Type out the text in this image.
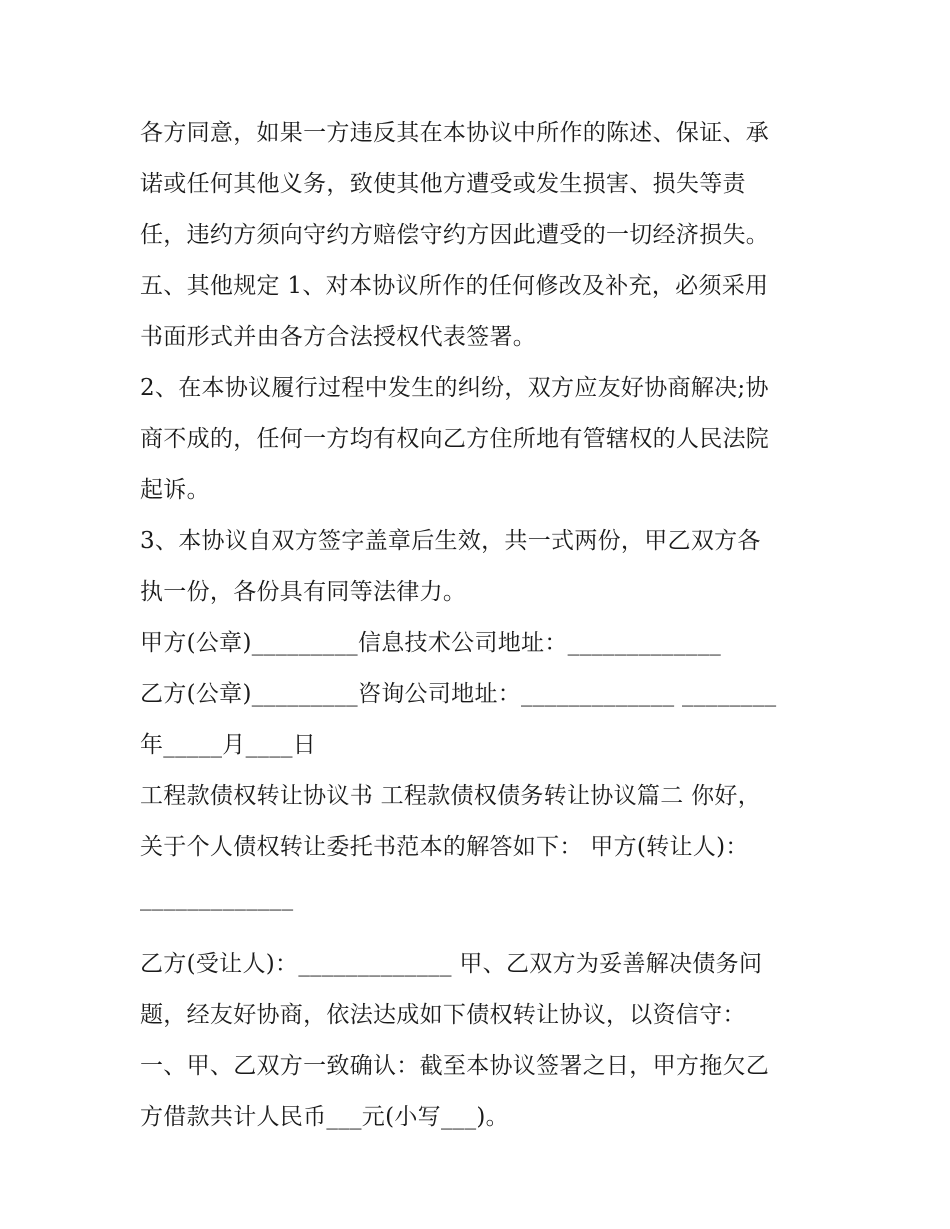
各方同意，如果一方违反其在本协议中所作的陈述、保证、承
诺或任何其他义务，致使其他方遭受或发生损害、损失等责
任，违约方须向守约方赔偿守约方因此遭受的一切经济损失。
五、其他规定 1、对本协议所作的任何修改及补充，必须采用
书面形式并由各方合法授权代表签署。
2、在本协议履行过程中发生的纠纷，双方应友好协商解决;协
商不成的，任何一方均有权向乙方住所地有管辖权的人民法院
起诉。
3、本协议自双方签字盖章后生效，共一式两份，甲乙双方各
执一份，各份具有同等法律力。
甲方(公章)_________信息技术公司地址：_____________
乙方(公章)_________咨询公司地址：_____________ ________
年_____月____日
工程款债权转让协议书 工程款债权债务转让协议篇二 你好，
关于个人债权转让委托书范本的解答如下： 甲方(转让人)：
_____________
乙方(受让人)：_____________ 甲、乙双方为妥善解决债务问
题，经友好协商，依法达成如下债权转让协议，以资信守：
一、甲、乙双方一致确认：截至本协议签署之日，甲方拖欠乙
方借款共计人民币___元(小写___)。
